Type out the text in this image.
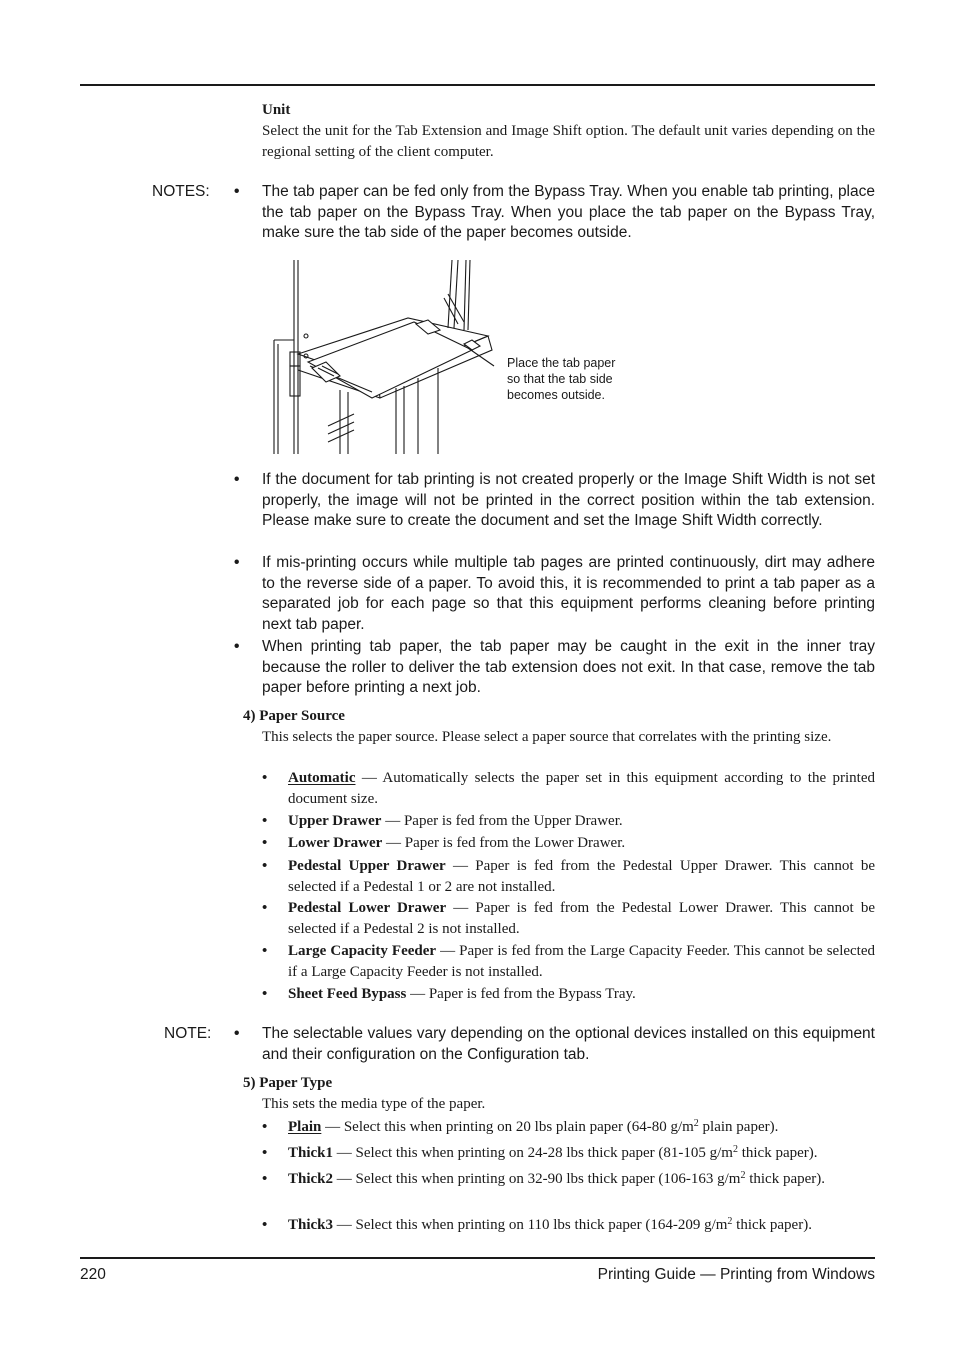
Unit
Select the unit for the Tab Extension and Image Shift option. The default unit varies depending on the regional setting of the client computer.
NOTES: • The tab paper can be fed only from the Bypass Tray. When you enable tab printing, place the tab paper on the Bypass Tray. When you place the tab paper on the Bypass Tray, make sure the tab side of the paper becomes outside.
Place the tab paper
so that the tab side
becomes outside.
• If the document for tab printing is not created properly or the Image Shift Width is not set properly, the image will not be printed in the correct position within the tab extension. Please make sure to create the document and set the Image Shift Width correctly.
• If mis-printing occurs while multiple tab pages are printed continuously, dirt may adhere to the reverse side of a paper. To avoid this, it is recommended to print a tab paper as a separated job for each page so that this equipment performs cleaning before printing next tab paper.
• When printing tab paper, the tab paper may be caught in the exit in the inner tray because the roller to deliver the tab extension does not exit. In that case, remove the tab paper before printing a next job.
4) Paper Source
This selects the paper source. Please select a paper source that correlates with the printing size.
• Automatic — Automatically selects the paper set in this equipment according to the printed document size.
• Upper Drawer — Paper is fed from the Upper Drawer.
• Lower Drawer — Paper is fed from the Lower Drawer.
• Pedestal Upper Drawer — Paper is fed from the Pedestal Upper Drawer. This cannot be selected if a Pedestal 1 or 2 are not installed.
• Pedestal Lower Drawer — Paper is fed from the Pedestal Lower Drawer. This cannot be selected if a Pedestal 2 is not installed.
• Large Capacity Feeder — Paper is fed from the Large Capacity Feeder. This cannot be selected if a Large Capacity Feeder is not installed.
• Sheet Feed Bypass — Paper is fed from the Bypass Tray.
NOTE: • The selectable values vary depending on the optional devices installed on this equipment and their configuration on the Configuration tab.
5) Paper Type
This sets the media type of the paper.
• Plain — Select this when printing on 20 lbs plain paper (64-80 $g/m^2$ plain paper).
• Thick1 — Select this when printing on 24-28 lbs thick paper (81-105 $g/m^2$ thick paper).
• Thick2 — Select this when printing on 32-90 lbs thick paper (106-163 $g/m^2$ thick paper).
• Thick3 — Select this when printing on 110 lbs thick paper (164-209 $g/m^2$ thick paper).
220	Printing Guide — Printing from Windows
